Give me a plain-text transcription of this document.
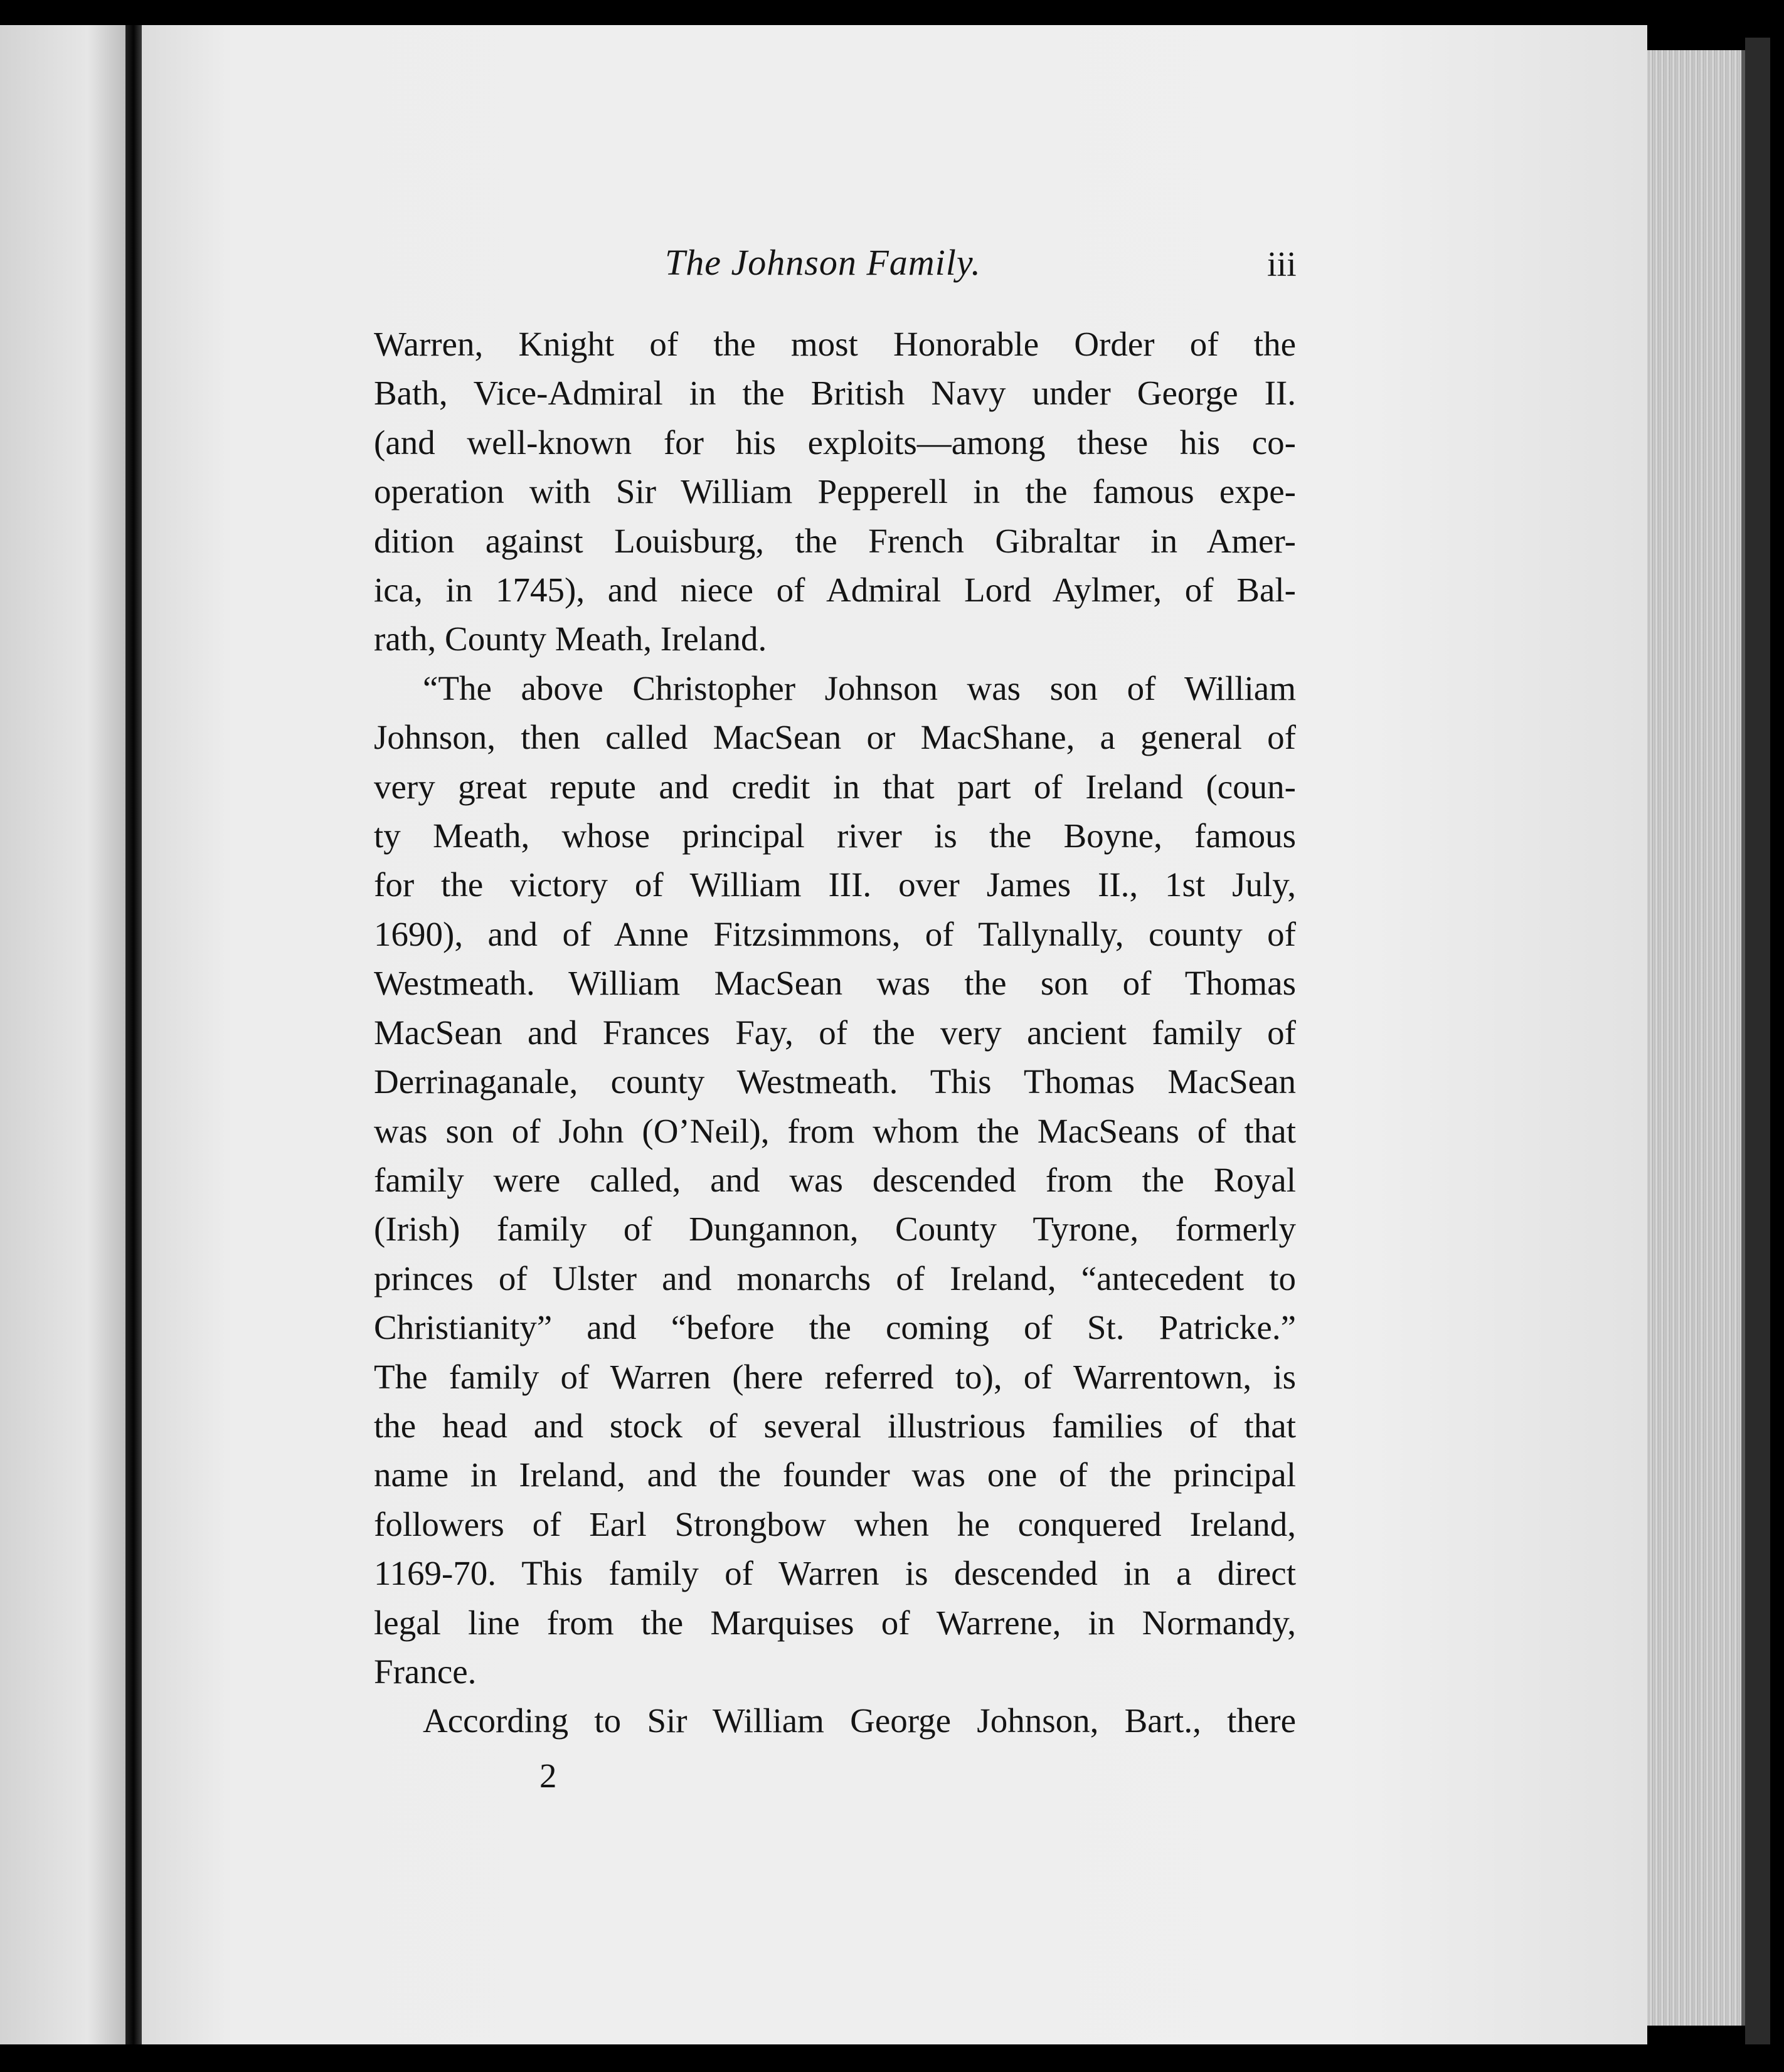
The Johnson Family.	iii
Warren, Knight of the most Honorable Order of the
Bath, Vice-Admiral in the British Navy under George II.
(and well-known for his exploits—among these his co-
operation with Sir William Pepperell in the famous expe-
dition against Louisburg, the French Gibraltar in Amer-
ica, in 1745), and niece of Admiral Lord Aylmer, of Bal-
rath, County Meath, Ireland.
“The above Christopher Johnson was son of William
Johnson, then called MacSean or MacShane, a general of
very great repute and credit in that part of Ireland (coun-
ty Meath, whose principal river is the Boyne, famous
for the victory of William III. over James II., 1st July,
1690), and of Anne Fitzsimmons, of Tallynally, county of
Westmeath. William MacSean was the son of Thomas
MacSean and Frances Fay, of the very ancient family of
Derrinaganale, county Westmeath. This Thomas MacSean
was son of John (O’Neil), from whom the MacSeans of that
family were called, and was descended from the Royal
(Irish) family of Dungannon, County Tyrone, formerly
princes of Ulster and monarchs of Ireland, “antecedent to
Christianity” and “before the coming of St. Patricke.”
The family of Warren (here referred to), of Warrentown, is
the head and stock of several illustrious families of that
name in Ireland, and the founder was one of the principal
followers of Earl Strongbow when he conquered Ireland,
1169-70. This family of Warren is descended in a direct
legal line from the Marquises of Warrene, in Normandy,
France.
According to Sir William George Johnson, Bart., there
2
